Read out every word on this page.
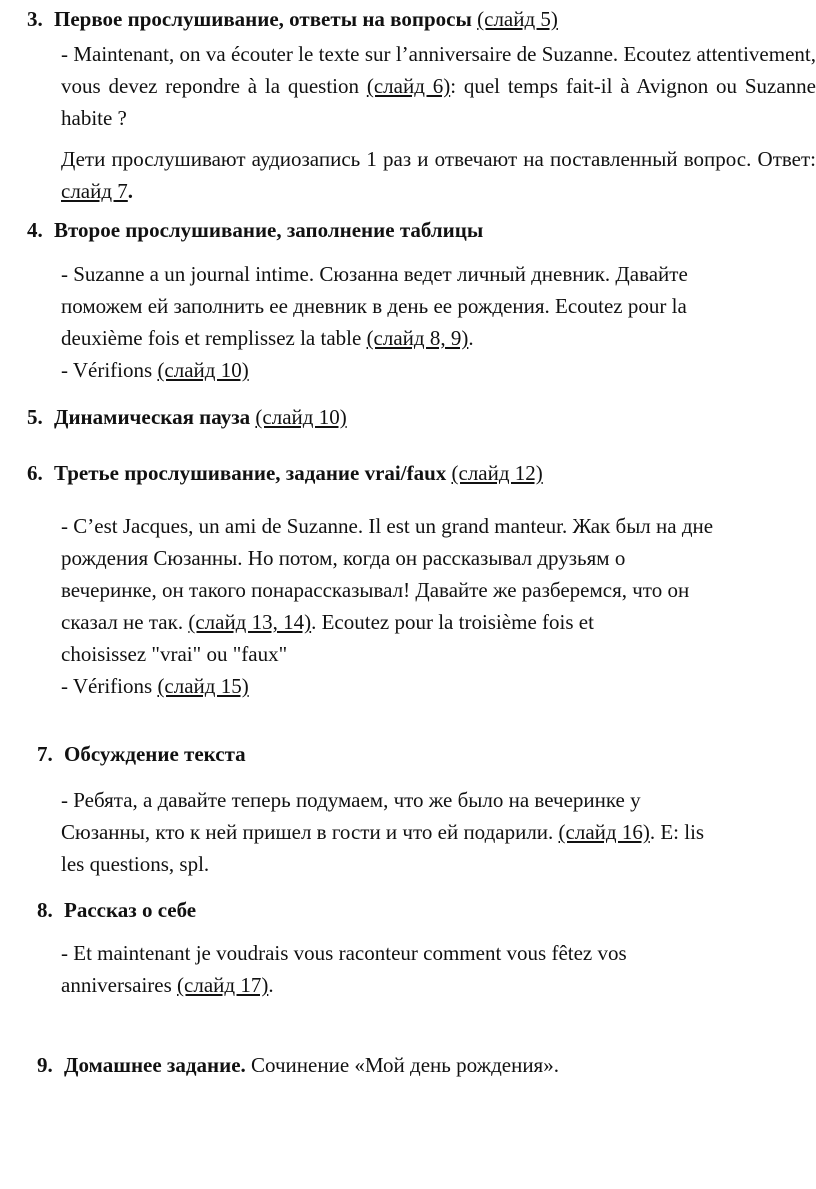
3. Первое прослушивание, ответы на вопросы (слайд 5)
- Maintenant, on va écouter le texte sur l’anniversaire de Suzanne. Ecoutez attentivement, vous devez repondre à la question (слайд 6): quel temps fait-il à Avignon ou Suzanne habite ?
Дети прослушивают аудиозапись 1 раз и отвечают на поставленный вопрос. Ответ: слайд 7.
4. Второе прослушивание, заполнение таблицы
- Suzanne a un journal intime. Сюзанна ведет личный дневник. Давайте
поможем ей заполнить ее дневник в день ее рождения. Ecoutez pour la
deuxième fois et remplissez la table (слайд 8, 9).
- Vérifions (слайд 10)
5. Динамическая пауза (слайд 10)
6. Третье прослушивание, задание vrai/faux (слайд 12)
- C’est Jacques, un ami de Suzanne. Il est un grand manteur. Жак был на дне
рождения Сюзанны. Но потом, когда он рассказывал друзьям о
вечеринке, он такого понарассказывал! Давайте же разберемся, что он
сказал не так. (слайд 13, 14). Ecoutez pour la troisième fois et
choisissez "vrai" ou "faux"
- Vérifions (слайд 15)
7. Обсуждение текста
- Ребята, а давайте теперь подумаем, что же было на вечеринке у
Сюзанны, кто к ней пришел в гости и что ей подарили. (слайд 16). E: lis
les questions, spl.
8. Рассказ о себе
- Et maintenant je voudrais vous raconteur comment vous fêtez vos
anniversaires (слайд 17).
9. Домашнее задание. Сочинение «Мой день рождения».
